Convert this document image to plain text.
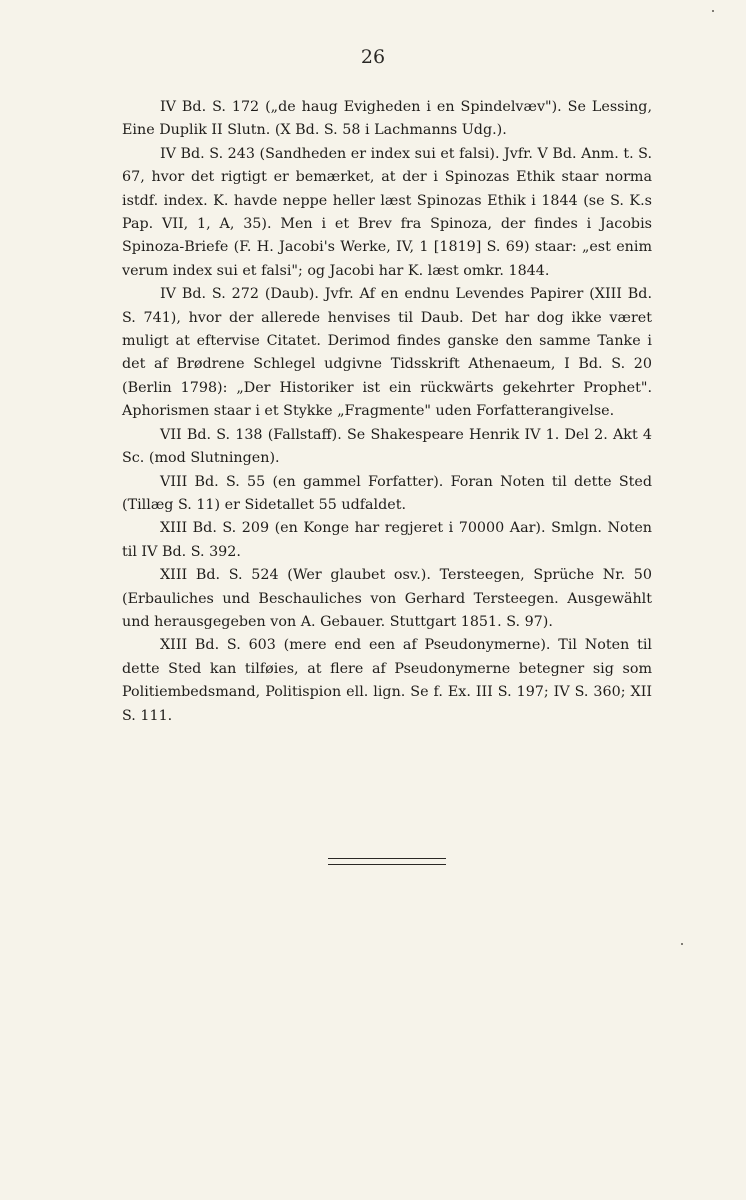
26

IV Bd. S. 172 („de haug Evigheden i en Spindelvæv"). Se Lessing, Eine Duplik II Slutn. (X Bd. S. 58 i Lachmanns Udg.).

IV Bd. S. 243 (Sandheden er index sui et falsi). Jvfr. V Bd. Anm. t. S. 67, hvor det rigtigt er bemærket, at der i Spinozas Ethik staar norma istdf. index. K. havde neppe heller læst Spinozas Ethik i 1844 (se S. K.s Pap. VII, 1, A, 35). Men i et Brev fra Spinoza, der findes i Jacobis Spinoza-Briefe (F. H. Jacobi's Werke, IV, 1 [1819] S. 69) staar: „est enim verum index sui et falsi"; og Jacobi har K. læst omkr. 1844.

IV Bd. S. 272 (Daub). Jvfr. Af en endnu Levendes Papirer (XIII Bd. S. 741), hvor der allerede henvises til Daub. Det har dog ikke været muligt at eftervise Citatet. Derimod findes ganske den samme Tanke i det af Brødrene Schlegel udgivne Tidsskrift Athenaeum, I Bd. S. 20 (Berlin 1798): „Der Historiker ist ein rückwärts gekehrter Prophet". Aphorismen staar i et Stykke „Fragmente" uden Forfatterangivelse.

VII Bd. S. 138 (Fallstaff). Se Shakespeare Henrik IV 1. Del 2. Akt 4 Sc. (mod Slutningen).

VIII Bd. S. 55 (en gammel Forfatter). Foran Noten til dette Sted (Tillæg S. 11) er Sidetallet 55 udfaldet.

XIII Bd. S. 209 (en Konge har regjeret i 70000 Aar). Smlgn. Noten til IV Bd. S. 392.

XIII Bd. S. 524 (Wer glaubet osv.). Tersteegen, Sprüche Nr. 50 (Erbauliches und Beschauliches von Gerhard Tersteegen. Ausgewählt und herausgegeben von A. Gebauer. Stuttgart 1851. S. 97).

XIII Bd. S. 603 (mere end een af Pseudonymerne). Til Noten til dette Sted kan tilføies, at flere af Pseudonymerne betegner sig som Politiembedsmand, Politispion ell. lign. Se f. Ex. III S. 197; IV S. 360; XII S. 111.
